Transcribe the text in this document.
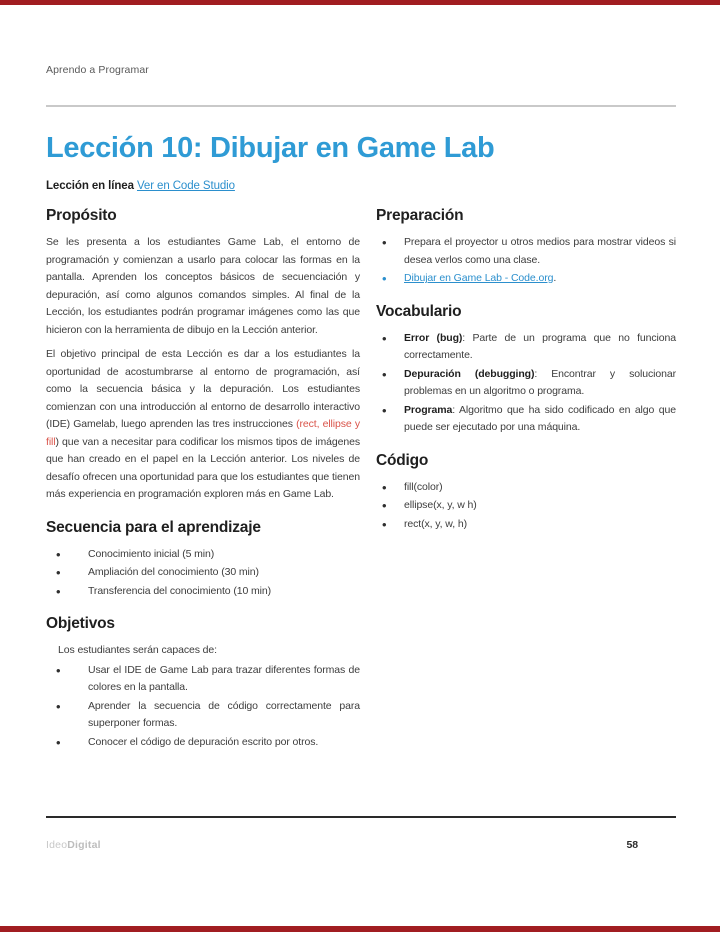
Aprendo a Programar
Lección 10: Dibujar en Game Lab
Lección en línea Ver en Code Studio
Propósito

Se les presenta a los estudiantes Game Lab, el entorno de programación y comienzan a usarlo para colocar las formas en la pantalla. Aprenden los conceptos básicos de secuenciación y depuración, así como algunos comandos simples. Al final de la Lección, los estudiantes podrán programar imágenes como las que hicieron con la herramienta de dibujo en la Lección anterior.

El objetivo principal de esta Lección es dar a los estudiantes la oportunidad de acostumbrarse al entorno de programación, así como la secuencia básica y la depuración. Los estudiantes comienzan con una introducción al entorno de desarrollo interactivo (IDE) Gamelab, luego aprenden las tres instrucciones (rect, ellipse y fill) que van a necesitar para codificar los mismos tipos de imágenes que han creado en el papel en la Lección anterior. Los niveles de desafío ofrecen una oportunidad para que los estudiantes que tienen más experiencia en programación exploren más en Game Lab.

Secuencia para el aprendizaje
• Conocimiento inicial (5 min)
• Ampliación del conocimiento (30 min)
• Transferencia del conocimiento (10 min)
Objetivos
Los estudiantes serán capaces de:
• Usar el IDE de Game Lab para trazar diferentes formas de colores en la pantalla.
• Aprender la secuencia de código correctamente para superponer formas.
• Conocer el código de depuración escrito por otros.
Preparación
• Prepara el proyector u otros medios para mostrar videos si desea verlos como una clase.
• Dibujar en Game Lab - Code.org.
Vocabulario
• Error (bug): Parte de un programa que no funciona correctamente.
• Depuración (debugging): Encontrar y solucionar problemas en un algoritmo o programa.
• Programa: Algoritmo que ha sido codificado en algo que puede ser ejecutado por una máquina.
Código
• fill(color)
• ellipse(x, y, w h)
• rect(x, y, w, h)
IdeoDigital	58
